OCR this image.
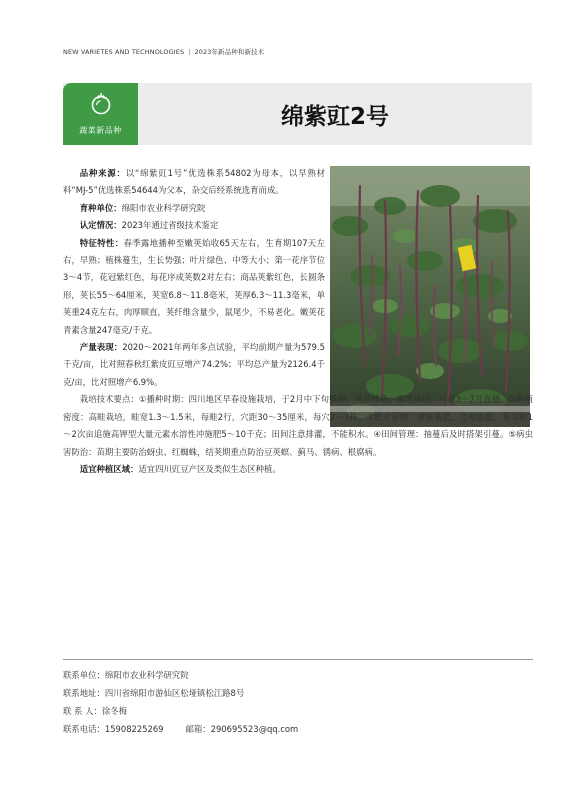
NEW VARIETES AND TECHNOLOGIES | 2023年新品种和新技术
蔬菜新品种
绵紫豇2号
品种来源：以“绵紫豇1号”优选株系54802为母本，以早熟材料“MJ-5”优选株系54644为父本，杂交后经系统选育而成。
育种单位：绵阳市农业科学研究院
认定情况：2023年通过省级技术鉴定
特征特性：春季露地播种至嫩荚始收65天左右，生育期107天左右，早熟；植株蔓生，生长势强；叶片绿色、中等大小；第一花序节位3～4节，花冠紫红色，每花序成荚数2对左右；商品荚紫红色，长圆条形，荚长55～64厘米，荚宽6.8～11.8毫米，荚厚6.3～11.3毫米，单荚重24克左右，肉厚顺直，荚纤维含量少，鼠尾少，不易老化。嫩荚花青素含量247毫克/千克。
产量表现：2020～2021年两年多点试验，平均前期产量为579.5千克/亩，比对照春秋红紫皮豇豆增产74.2%；平均总产量为2126.4千克/亩，比对照增产6.9%。
栽培技术要点：①播种时期：四川地区早春设施栽培，于2月中下旬播种，育苗移栽；露地栽培，可在3～7月直播。②种植密度：高畦栽培，畦宽1.3～1.5米，每畦2行，穴距30～35厘米，每穴2～3株。③肥水管理：重施基肥，合理追肥，每采收1～2次亩追施高钾型大量元素水溶性冲施肥5～10千克；田间注意排灌，不能积水。④田间管理：抽蔓后及时搭架引蔓。⑤病虫害防治：苗期主要防治蚜虫、红蜘蛛，结荚期重点防治豆荚螟、蓟马、锈病、根腐病。
适宜种植区域：适宜四川豇豆产区及类似生态区种植。
联系单位：绵阳市农业科学研究院
联系地址：四川省绵阳市游仙区松垭镇松江路8号
联 系 人：徐冬梅
联系电话：15908225269	邮箱：290695523@qq.com
